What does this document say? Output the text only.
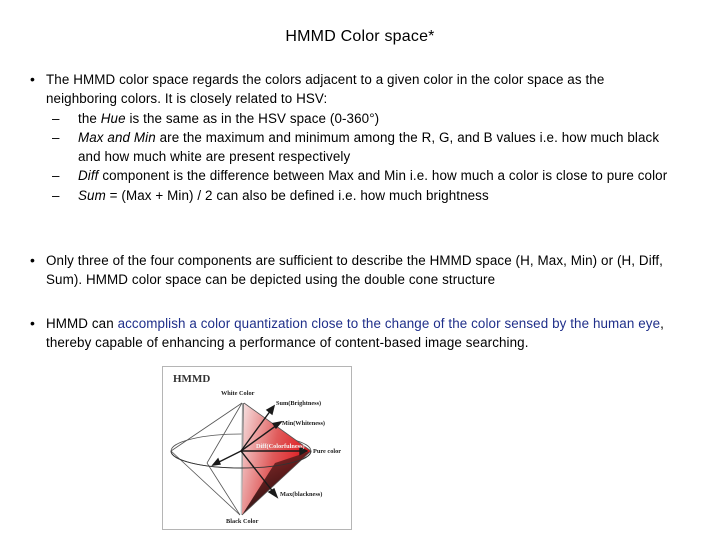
HMMD Color space*
• The HMMD color space regards the colors adjacent to a given color in the color space as the neighboring colors. It is closely related to HSV:
– the Hue is the same as in the HSV space (0-360°)
– Max and Min are the maximum and minimum among the R, G, and B values i.e. how much black and how much white are present respectively
– Diff component is the difference between Max and Min i.e. how much a color is close to pure color
– Sum = (Max + Min) / 2 can also be defined i.e. how much brightness
• Only three of the four components are sufficient to describe the HMMD space (H, Max, Min) or (H, Diff, Sum). HMMD color space can be depicted using the double cone structure
• HMMD can accomplish a color quantization close to the change of the color sensed by the human eye, thereby capable of enhancing a performance of content-based image searching.
HMMD
White Color
Sum(Brightness)
Min(Whiteness)
Diff(Colorfulness)
Pure color
Max(blackness)
Black Color
